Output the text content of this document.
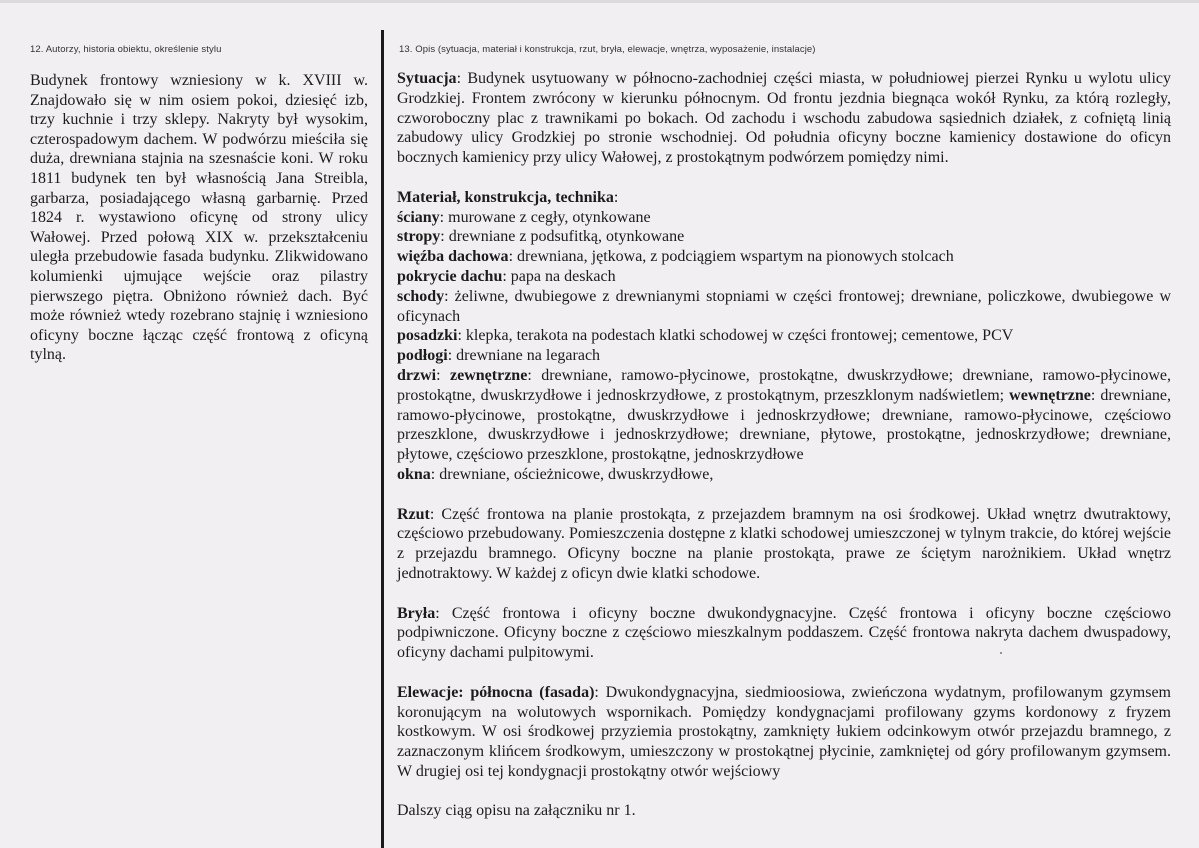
12. Autorzy, historia obiektu, określenie stylu

Budynek frontowy wzniesiony w k. XVIII w. Znajdowało się w nim osiem pokoi, dziesięć izb, trzy kuchnie i trzy sklepy. Nakryty był wysokim, czterospadowym dachem. W podwórzu mieściła się duża, drewniana stajnia na szesnaście koni. W roku 1811 budynek ten był własnością Jana Streibla, garbarza, posiadającego własną garbarnię. Przed 1824 r. wystawiono oficynę od strony ulicy Wałowej. Przed połową XIX w. przekształceniu uległa przebudowie fasada budynku. Zlikwidowano kolumienki ujmujące wejście oraz pilastry pierwszego piętra. Obniżono również dach. Być może również wtedy rozebrano stajnię i wzniesiono oficyny boczne łącząc część frontową z oficyną tylną.

13. Opis (sytuacja, materiał i konstrukcja, rzut, bryła, elewacje, wnętrza, wyposażenie, instalacje)

Sytuacja: Budynek usytuowany w północno-zachodniej części miasta, w południowej pierzei Rynku u wylotu ulicy Grodzkiej. Frontem zwrócony w kierunku północnym. Od frontu jezdnia biegnąca wokół Rynku, za którą rozległy, czworoboczny plac z trawnikami po bokach. Od zachodu i wschodu zabudowa sąsiednich działek, z cofniętą linią zabudowy ulicy Grodzkiej po stronie wschodniej. Od południa oficyny boczne kamienicy dostawione do oficyn bocznych kamienicy przy ulicy Wałowej, z prostokątnym podwórzem pomiędzy nimi.

Materiał, konstrukcja, technika:

ściany: murowane z cegły, otynkowane

stropy: drewniane z podsufitką, otynkowane

więźba dachowa: drewniana, jętkowa, z podciągiem wspartym na pionowych stolcach

pokrycie dachu: papa na deskach

schody: żeliwne, dwubiegowe z drewnianymi stopniami w części frontowej; drewniane, policzkowe, dwubiegowe w oficynach

posadzki: klepka, terakota na podestach klatki schodowej w części frontowej; cementowe, PCV

podłogi: drewniane na legarach

drzwi: zewnętrzne: drewniane, ramowo-płycinowe, prostokątne, dwuskrzydłowe; drewniane, ramowo-płycinowe, prostokątne, dwuskrzydłowe i jednoskrzydłowe, z prostokątnym, przeszklonym nadświetlem; wewnętrzne: drewniane, ramowo-płycinowe, prostokątne, dwuskrzydłowe i jednoskrzydłowe; drewniane, ramowo-płycinowe, częściowo przeszklone, dwuskrzydłowe i jednoskrzydłowe; drewniane, płytowe, prostokątne, jednoskrzydłowe; drewniane, płytowe, częściowo przeszklone, prostokątne, jednoskrzydłowe

okna: drewniane, ościeżnicowe, dwuskrzydłowe,

Rzut: Część frontowa na planie prostokąta, z przejazdem bramnym na osi środkowej. Układ wnętrz dwutraktowy, częściowo przebudowany. Pomieszczenia dostępne z klatki schodowej umieszczonej w tylnym trakcie, do której wejście z przejazdu bramnego. Oficyny boczne na planie prostokąta, prawe ze ściętym narożnikiem. Układ wnętrz jednotraktowy. W każdej z oficyn dwie klatki schodowe.

Bryła: Część frontowa i oficyny boczne dwukondygnacyjne. Część frontowa i oficyny boczne częściowo podpiwniczone. Oficyny boczne z częściowo mieszkalnym poddaszem. Część frontowa nakryta dachem dwuspadowy, oficyny dachami pulpitowymi.

Elewacje: północna (fasada): Dwukondygnacyjna, siedmioosiowa, zwieńczona wydatnym, profilowanym gzymsem koronującym na wolutowych wspornikach. Pomiędzy kondygnacjami profilowany gzyms kordonowy z fryzem kostkowym. W osi środkowej przyziemia prostokątny, zamknięty łukiem odcinkowym otwór przejazdu bramnego, z zaznaczonym klińcem środkowym, umieszczony w prostokątnej płycinie, zamkniętej od góry profilowanym gzymsem. W drugiej osi tej kondygnacji prostokątny otwór wejściowy

Dalszy ciąg opisu na załączniku nr 1.
